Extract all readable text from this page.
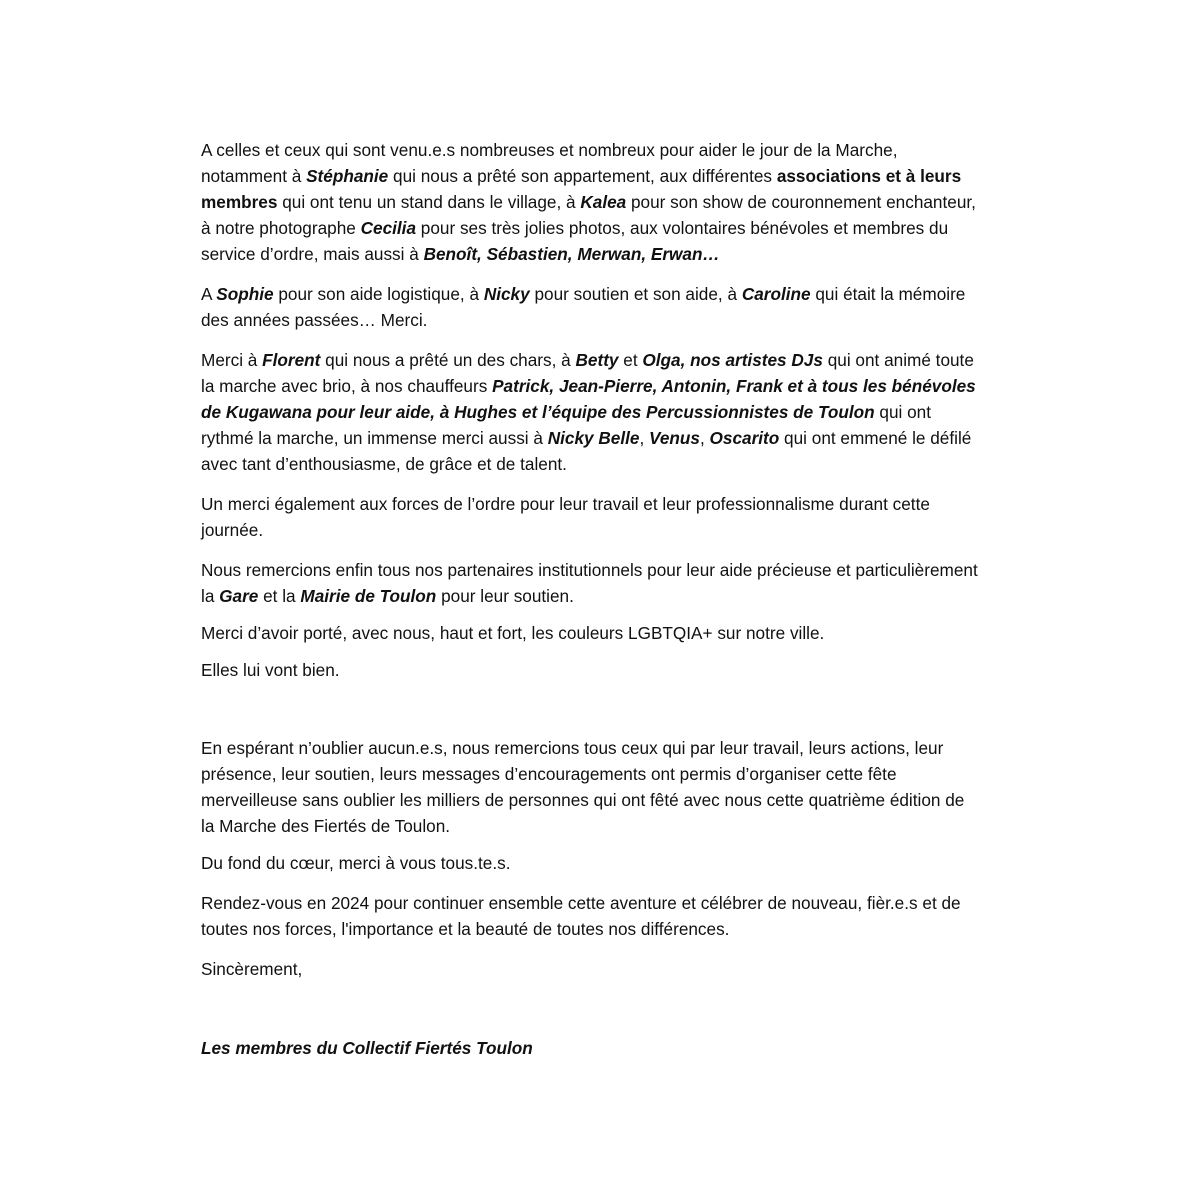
A celles et ceux qui sont venu.e.s nombreuses et nombreux pour aider le jour de la Marche, notamment à Stéphanie qui nous a prêté son appartement, aux différentes associations et à leurs membres qui ont tenu un stand dans le village, à Kalea pour son show de couronnement enchanteur, à notre photographe Cecilia pour ses très jolies photos, aux volontaires bénévoles et membres du service d’ordre, mais aussi à Benoît, Sébastien, Merwan, Erwan…

A Sophie pour son aide logistique, à Nicky pour soutien et son aide, à Caroline qui était la mémoire des années passées… Merci.

Merci à Florent qui nous a prêté un des chars, à Betty et Olga, nos artistes DJs qui ont animé toute la marche avec brio, à nos chauffeurs Patrick, Jean-Pierre, Antonin, Frank et à tous les bénévoles de Kugawana pour leur aide, à Hughes et l’équipe des Percussionnistes de Toulon qui ont rythmé la marche, un immense merci aussi à Nicky Belle, Venus, Oscarito qui ont emmené le défilé avec tant d’enthousiasme, de grâce et de talent.

Un merci également aux forces de l’ordre pour leur travail et leur professionnalisme durant cette journée.

Nous remercions enfin tous nos partenaires institutionnels pour leur aide précieuse et particulièrement la Gare et la Mairie de Toulon pour leur soutien.

Merci d’avoir porté, avec nous, haut et fort, les couleurs LGBTQIA+ sur notre ville.

Elles lui vont bien.

En espérant n’oublier aucun.e.s, nous remercions tous ceux qui par leur travail, leurs actions, leur présence, leur soutien, leurs messages d’encouragements ont permis d’organiser cette fête merveilleuse sans oublier les milliers de personnes qui ont fêté avec nous cette quatrième édition de la Marche des Fiertés de Toulon.

Du fond du cœur, merci à vous tous.te.s.

Rendez-vous en 2024 pour continuer ensemble cette aventure et célébrer de nouveau, fièr.e.s et de toutes nos forces, l'importance et la beauté de toutes nos différences.

Sincèrement,

Les membres du Collectif Fiertés Toulon
